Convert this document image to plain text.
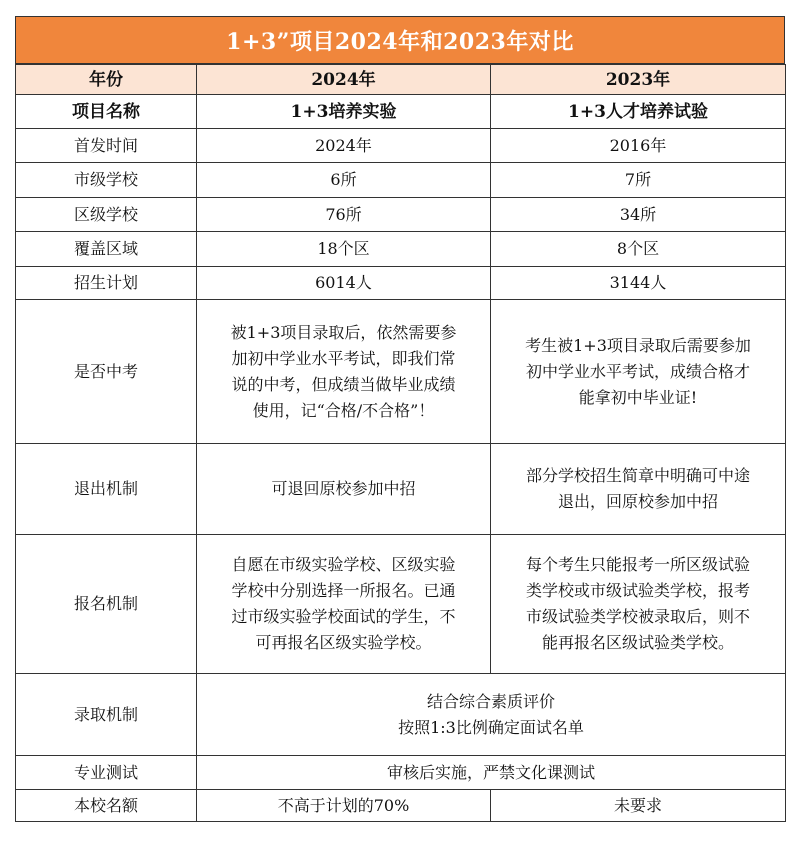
1+3”项目2024年和2023年对比
年份	2024年	2023年
项目名称	1+3培养实验	1+3人才培养试验
首发时间	2024年	2016年
市级学校	6所	7所
区级学校	76所	34所
覆盖区域	18个区	8个区
招生计划	6014人	3144人
是否中考	被1+3项目录取后，依然需要参加初中学业水平考试，即我们常说的中考，但成绩当做毕业成绩使用，记“合格/不合格”！	考生被1+3项目录取后需要参加初中学业水平考试，成绩合格才能拿初中毕业证!
退出机制	可退回原校参加中招	部分学校招生简章中明确可中途退出，回原校参加中招
报名机制	自愿在市级实验学校、区级实验学校中分别选择一所报名。已通过市级实验学校面试的学生，不可再报名区级实验学校。	每个考生只能报考一所区级试验类学校或市级试验类学校，报考市级试验类学校被录取后，则不能再报名区级试验类学校。
录取机制	结合综合素质评价
按照1:3比例确定面试名单	

专业测试	审核后实施，严禁文化课测试	
本校名额	不高于计划的70%	未要求
